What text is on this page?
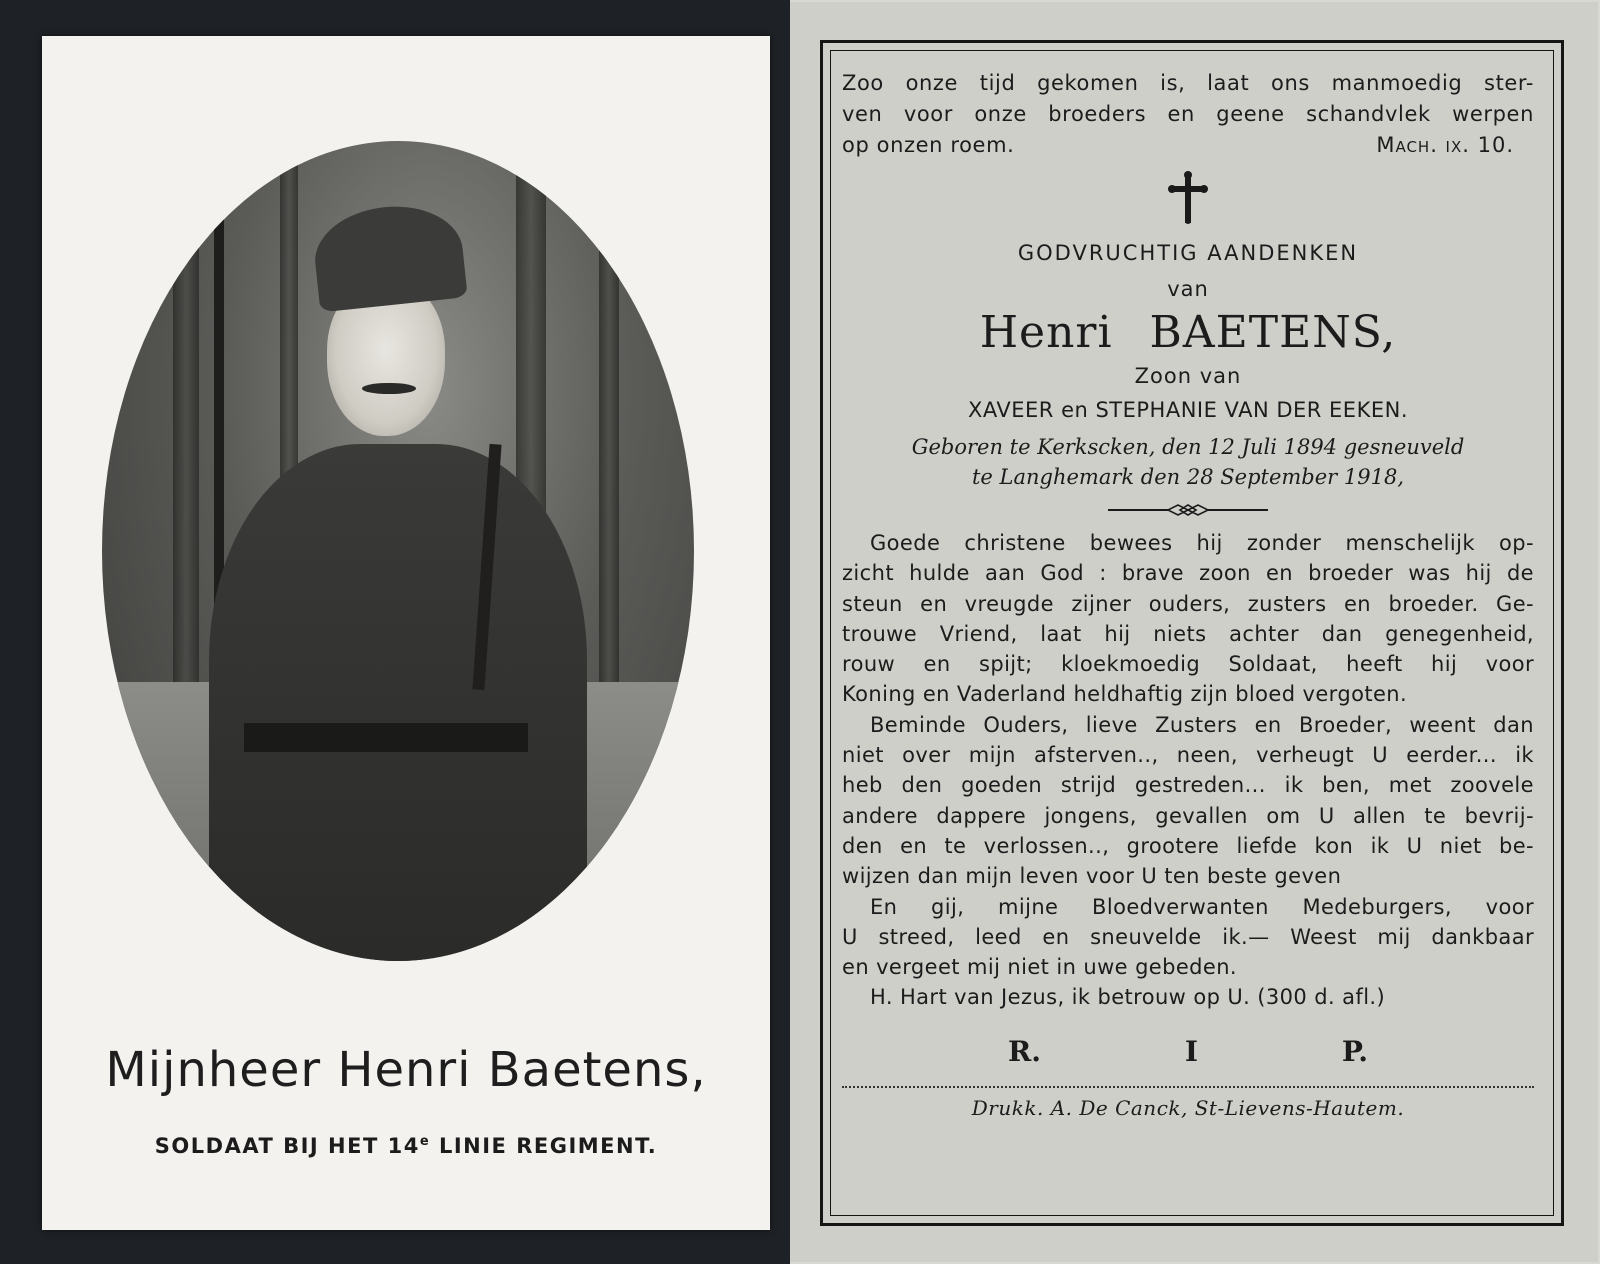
Mijnheer Henri Baetens,
SOLDAAT BIJ HET 14e LINIE REGIMENT.
Zoo onze tijd gekomen is, laat ons manmoedig ster-
ven voor onze broeders en geene schandvlek werpen
op onzen roem.	Mach. ix. 10.
GODVRUCHTIG AANDENKEN
van
Henri BAETENS,
Zoon van
XAVEER en STEPHANIE VAN DER EEKEN.
Geboren te Kerkscken, den 12 Juli 1894 gesneuveld
te Langhemark den 28 September 1918,
Goede christene bewees hij zonder menschelijk op-
zicht hulde aan God : brave zoon en broeder was hij de
steun en vreugde zijner ouders, zusters en broeder. Ge-
trouwe Vriend, laat hij niets achter dan genegenheid,
rouw en spijt; kloekmoedig Soldaat, heeft hij voor
Koning en Vaderland heldhaftig zijn bloed vergoten.
Beminde Ouders, lieve Zusters en Broeder, weent dan
niet over mijn afsterven.., neen, verheugt U eerder... ik
heb den goeden strijd gestreden... ik ben, met zoovele
andere dappere jongens, gevallen om U allen te bevrij-
den en te verlossen.., grootere liefde kon ik U niet be-
wijzen dan mijn leven voor U ten beste geven
En gij, mijne Bloedverwanten Medeburgers, voor
U streed, leed en sneuvelde ik.— Weest mij dankbaar
en vergeet mij niet in uwe gebeden.
H. Hart van Jezus, ik betrouw op U. (300 d. afl.)
R.	I	P.
Drukk. A. De Canck, St-Lievens-Hautem.
